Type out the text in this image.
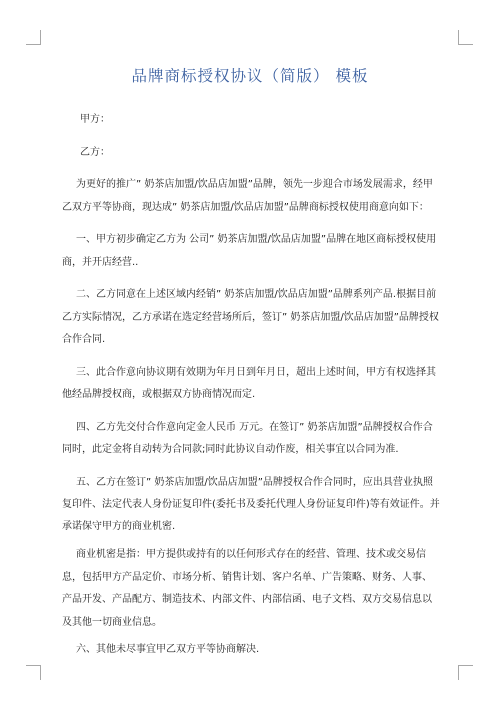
品牌商标授权协议（简版） 模板

甲方：

乙方：

为更好的推广” 奶茶店加盟/饮品店加盟”品牌，领先一步迎合市场发展需求，经甲乙双方平等协商，现达成” 奶茶店加盟/饮品店加盟”品牌商标授权使用商意向如下：

一、甲方初步确定乙方为 公司” 奶茶店加盟/饮品店加盟”品牌在地区商标授权使用商，并开店经营..

二、乙方同意在上述区域内经销” 奶茶店加盟/饮品店加盟”品牌系列产品.根据目前乙方实际情况，乙方承诺在选定经营场所后，签订” 奶茶店加盟/饮品店加盟”品牌授权合作合同.

三、此合作意向协议期有效期为年月日到年月日，超出上述时间，甲方有权选择其他经品牌授权商，或根据双方协商情况而定.

四、乙方先交付合作意向定金人民币 万元。在签订” 奶茶店加盟”品牌授权合作合同时，此定金将自动转为合同款;同时此协议自动作废，相关事宜以合同为准.

五、乙方在签订” 奶茶店加盟/饮品店加盟”品牌授权合作合同时，应出具营业执照复印件、法定代表人身份证复印件(委托书及委托代理人身份证复印件)等有效证件。并承诺保守甲方的商业机密.

商业机密是指：甲方提供或持有的以任何形式存在的经营、管理、技术或交易信息，包括甲方产品定价、市场分析、销售计划、客户名单、广告策略、财务、人事、产品开发、产品配方、制造技术、内部文件、内部信函、电子文档、双方交易信息以及其他一切商业信息。

六、其他未尽事宜甲乙双方平等协商解决.
